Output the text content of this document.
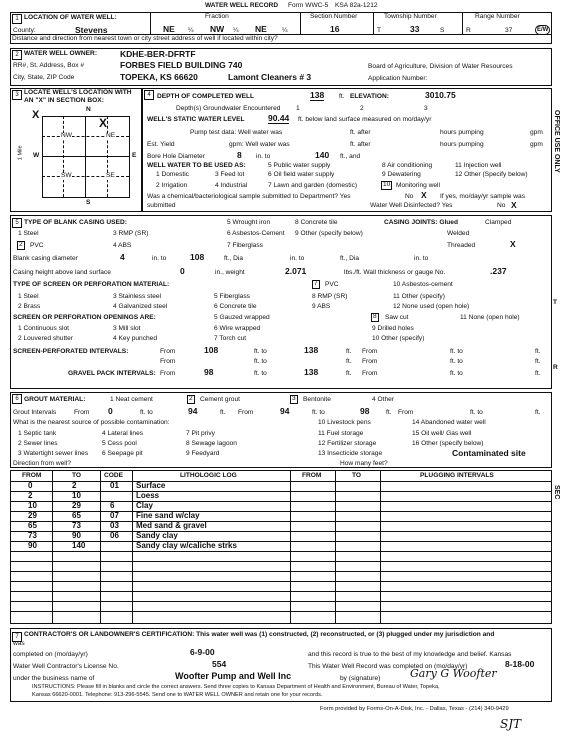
WATER WELL RECORD Form WWC-5 KSA 82a-1212
1 LOCATION OF WATER WELL:
County:	Stevens
Fraction
NE ¼ NW ¼ NE ¼
Section Number
16
Township Number
T	33	S
Range Number
R	37	E/W
Distance and direction from nearest town or city street address of well if located within city?
2 WATER WELL OWNER:	KDHE-BER-DFRTF
RR#, St. Address, Box #	FORBES FIELD BUILDING 740
City, State, ZIP Code	TOPEKA, KS 66620	Lamont Cleaners # 3
Board of Agriculture, Division of Water Resources
Application Number:
3 LOCATE WELL'S LOCATION WITH
AN "X" IN SECTION BOX:
X	N
NW	NE
SW	SE
X
W	E
S
1 Mile
4 DEPTH OF COMPLETED WELL	138 ft. ELEVATION:	3010.75
Depth(s) Groundwater Encountered 1	2	3
WELL'S STATIC WATER LEVEL	90.44 ft. below land surface measured on mo/day/yr
Pump test data: Well water was	ft. after	hours pumping	gpm
Est. Yield	gpm: Well water was	ft. after	hours pumping	gpm
Bore Hole Diameter	8 in. to	140 ft., and
WELL WATER TO BE USED AS:	5 Public water supply	8 Air conditioning	11 Injection well
1 Domestic	3 Feed lot	6 Oil field water supply	9 Dewatering	12 Other (Specify below)
2 Irrigation	4 Industrial	7 Lawn and garden (domestic)	10 Monitoring well
Was a chemical/bacteriological sample submitted to Department? Yes	No X If yes, mo/day/yr sample was
submitted	Water Well Disinfected? Yes	No X
5 TYPE OF BLANK CASING USED:	5 Wrought iron	8 Concrete tile	CASING JOINTS: Glued	Clamped
1 Steel	3 RMP (SR)	6 Asbestos-Cement 9 Other (specify below)	Welded
2	PVC	4 ABS	7 Fiberglass	Threaded	X
Blank casing diameter	4	in. to	108	ft., Dia	in. to	ft., Dia	in. to
Casing height above land surface	0	in., weight	2.071	lbs./ft. Wall thickness or gauge No.	.237
TYPE OF SCREEN OR PERFORATION MATERIAL:	7	PVC	10 Asbestos-cement
1 Steel	3 Stainless steel	5 Fiberglass	8 RMP (SR)	11 Other (specify)
2 Brass	4 Galvanized steel	6 Concrete tile	9 ABS	12 None used (open hole)
SCREEN OR PERFORATION OPENINGS ARE:	5 Gauzed wrapped	8	Saw cut	11 None (open hole)
1 Continuous slot	3 Mill slot	6 Wire wrapped	9 Drilled holes
2 Louvered shutter	4 Key punched	7 Torch cut	10 Other (specify)
SCREEN-PERFORATED INTERVALS:	From	108	ft. to	138	ft. From	ft. to	ft.
From	ft. to	ft. From	ft. to	ft.
GRAVEL PACK INTERVALS: From	98	ft. to	138	ft. From	ft. to	ft.
6 GROUT MATERIAL:	1 Neat cement	2	Cement grout	3	Bentonite	4 Other
Grout Intervals	From 0	ft. to	94	ft. From	94	ft. to	98	ft. From	ft. to	ft.
What is the nearest source of possible contamination:	10 Livestock pens	14 Abandoned water well
1 Septic tank	4 Lateral lines	7 Pit privy	11 Fuel storage	15 Oil well/ Gas well
2 Sewer lines	5 Cess pool	8 Sewage lagoon	12 Fertilizer storage	16 Other (specify below)
3 Watertight sewer lines 6 Seepage pit	9 Feedyard	13 Insecticide storage	Contaminated site
Direction from well?	How many feet?
FROM	TO	CODE	LITHOLOGIC LOG	FROM	TO	PLUGGING INTERVALS
0	2	01 Surface
2	10	Loess
10	29	6	Clay
29	65	07 Fine sand w/clay
65	73	03 Med sand & gravel
73	90	06 Sandy clay
90	140	Sandy clay w/caliche strks
7 CONTRACTOR'S OR LANDOWNER'S CERTIFICATION: This water well was (1) constructed, (2) reconstructed, or (3) plugged under my jurisdiction and
was
completed on (mo/day/yr)	6-9-00	and this record is true to the best of my knowledge and belief. Kansas
Water Well Contractor's License No.	554	This Water Well Record was completed on (mo/day/yr)	8-18-00
under the business name of	Woofter Pump and Well Inc	by (signature)	Gary G Woofter
INSTRUCTIONS: Please fill in blanks and circle the correct answers. Send three copies to Kansas Department of Health and Environment, Bureau of Water, Topeka,
Kansas 66620-0001. Telephone: 913-296-5545. Send one to WATER WELL OWNER and retain one for your records.
Form provided by Forms-On-A-Disk, Inc. - Dallas, Texas - (214) 340-9429
SJT
OFFICE USE ONLY
T
R
SEC
